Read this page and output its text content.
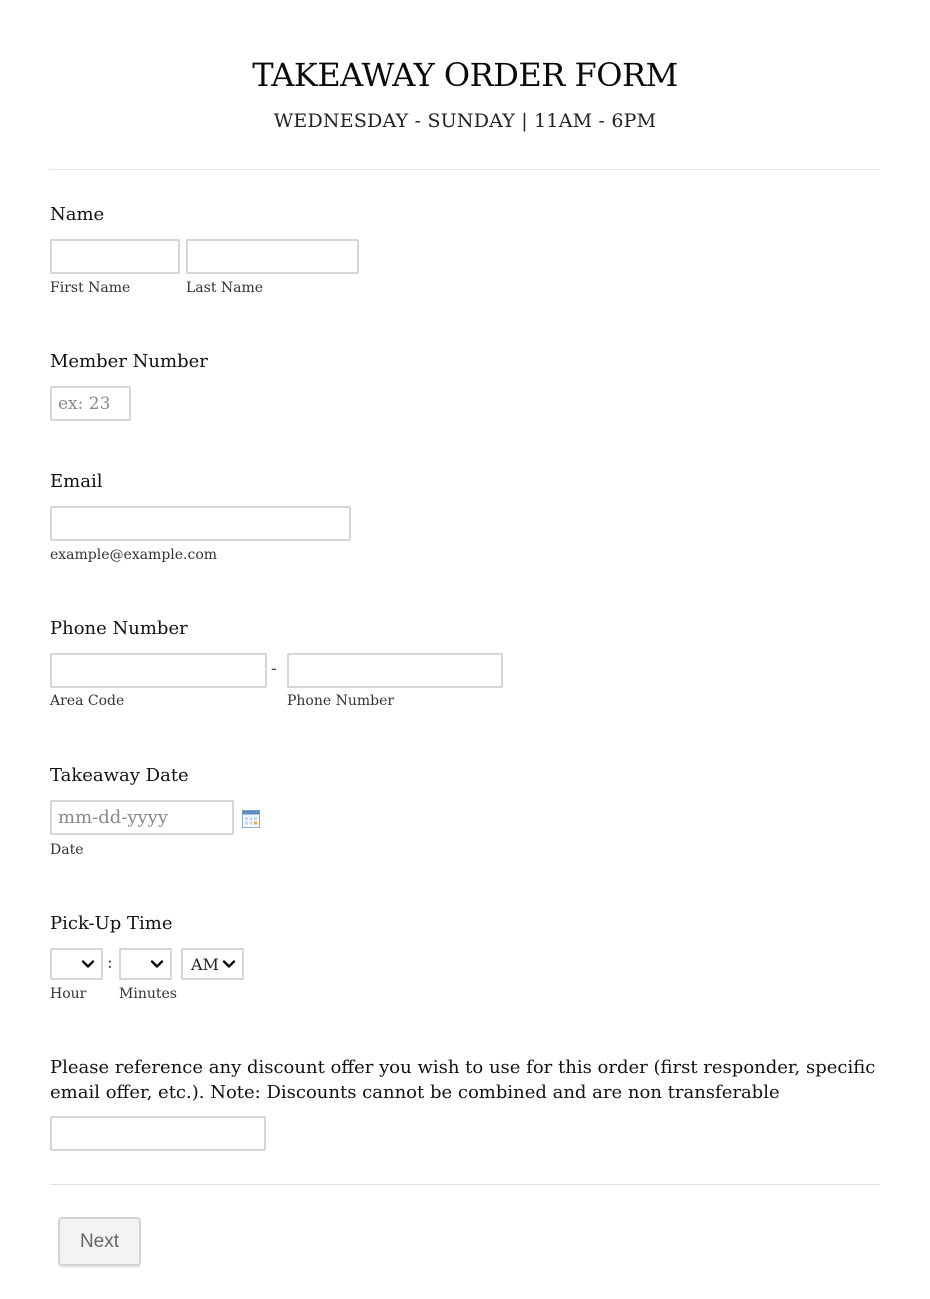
TAKEAWAY ORDER FORM
WEDNESDAY - SUNDAY | 11AM - 6PM
Name
First Name	Last Name
Member Number
ex: 23
Email
example@example.com
Phone Number
-
Area Code	Phone Number
Takeaway Date
mm-dd-yyyy
Date
Pick-Up Time
:	AM
Hour Minutes
Please reference any discount offer you wish to use for this order (first responder, specific email offer, etc.). Note: Discounts cannot be combined and are non transferable
Next
